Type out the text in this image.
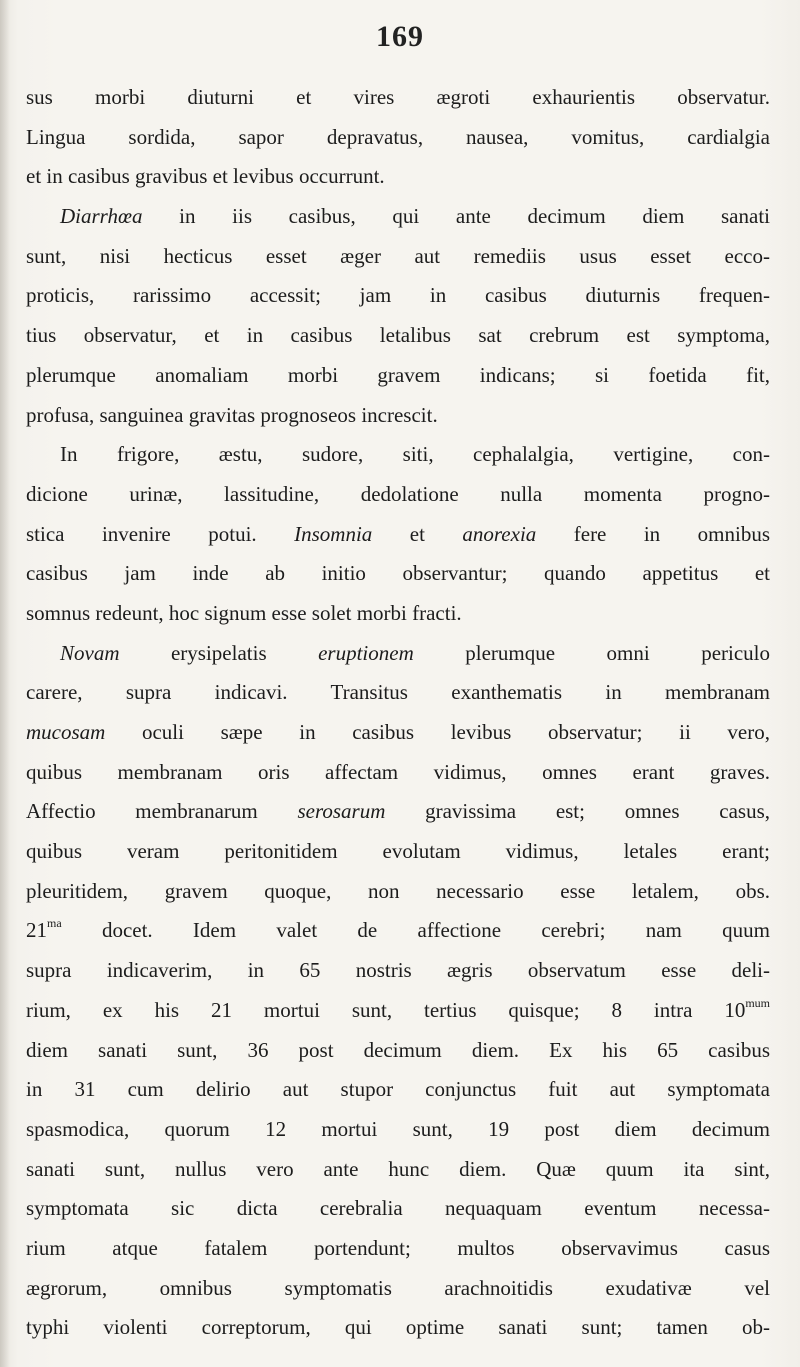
169
sus morbi diuturni et vires ægroti exhaurientis observatur.
Lingua sordida, sapor depravatus, nausea, vomitus, cardialgia
et in casibus gravibus et levibus occurrunt.
Diarrhœa in iis casibus, qui ante decimum diem sanati
sunt, nisi hecticus esset æger aut remediis usus esset ecco-
proticis, rarissimo accessit; jam in casibus diuturnis frequen-
tius observatur, et in casibus letalibus sat crebrum est symptoma,
plerumque anomaliam morbi gravem indicans; si foetida fit,
profusa, sanguinea gravitas prognoseos increscit.
In frigore, æstu, sudore, siti, cephalalgia, vertigine, con-
dicione urinæ, lassitudine, dedolatione nulla momenta progno-
stica invenire potui. Insomnia et anorexia fere in omnibus
casibus jam inde ab initio observantur; quando appetitus et
somnus redeunt, hoc signum esse solet morbi fracti.
Novam erysipelatis eruptionem plerumque omni periculo
carere, supra indicavi. Transitus exanthematis in membranam
mucosam oculi sæpe in casibus levibus observatur; ii vero,
quibus membranam oris affectam vidimus, omnes erant graves.
Affectio membranarum serosarum gravissima est; omnes casus,
quibus veram peritonitidem evolutam vidimus, letales erant;
pleuritidem, gravem quoque, non necessario esse letalem, obs.
$21^{ma}$ docet. Idem valet de affectione cerebri; nam quum
supra indicaverim, in 65 nostris ægris observatum esse deli-
rium, ex his 21 mortui sunt, tertius quisque; 8 intra $10^{mum}$
diem sanati sunt, 36 post decimum diem. Ex his 65 casibus
in 31 cum delirio aut stupor conjunctus fuit aut symptomata
spasmodica, quorum 12 mortui sunt, 19 post diem decimum
sanati sunt, nullus vero ante hunc diem. Quæ quum ita sint,
symptomata sic dicta cerebralia nequaquam eventum necessa-
rium atque fatalem portendunt; multos observavimus casus
ægrorum, omnibus symptomatis arachnoitidis exudativæ vel
typhi violenti correptorum, qui optime sanati sunt; tamen ob-
